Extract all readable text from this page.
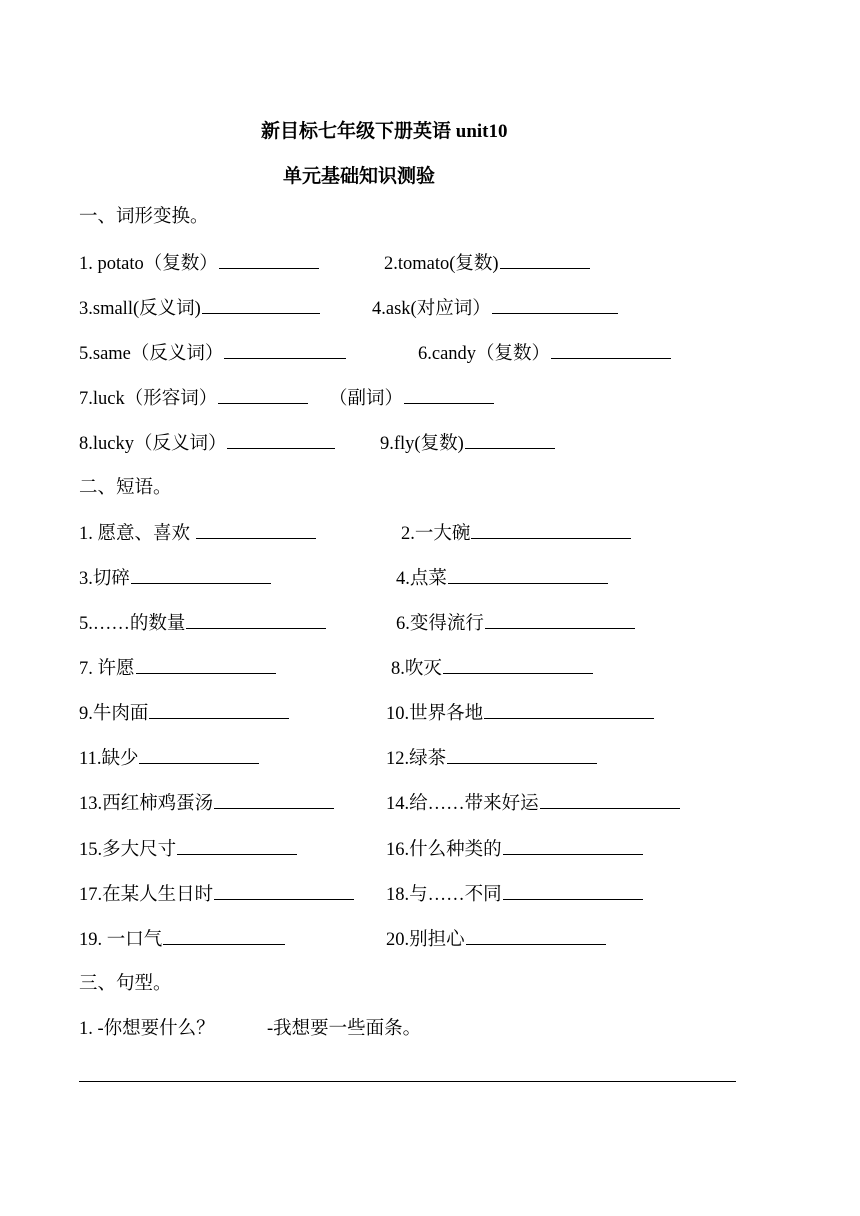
新目标七年级下册英语 unit10
单元基础知识测验
一、词形变换。
1. potato（复数）	2.tomato(复数)
3.small(反义词)	4.ask(对应词）
5.same（反义词）	6.candy（复数）
7.luck（形容词）	（副词）
8.lucky（反义词）	9.fly(复数)
二、短语。
1. 愿意、喜欢	2.一大碗
3.切碎	4.点菜
5.……的数量	6.变得流行
7. 许愿	8.吹灭
9.牛肉面	10.世界各地
11.缺少	12.绿茶
13.西红柿鸡蛋汤	14.给……带来好运
15.多大尺寸	16.什么种类的
17.在某人生日时	18.与……不同
19. 一口气	20.别担心
三、句型。
1. -你想要什么？	-我想要一些面条。
